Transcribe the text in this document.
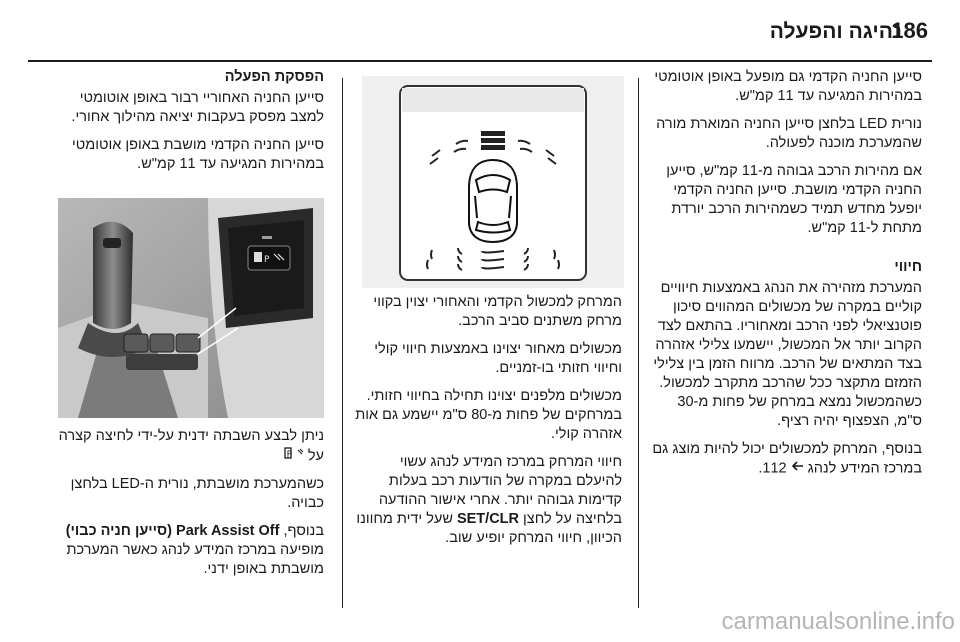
נהיגה והפעלה
186

סייען החניה הקדמי גם מופעל באופן אוטומטי במהירות המגיעה עד 11 קמ"ש.

נורית LED בלחצן סייען החניה המוארת מורה שהמערכת מוכנה לפעולה.

אם מהירות הרכב גבוהה מ-11 קמ"ש, סייען החניה הקדמי מושבת. סייען החניה הקדמי יופעל מחדש תמיד כשמהירות הרכב יורדת מתחת ל-11 קמ"ש.

חיווי

המערכת מזהירה את הנהג באמצעות חיוויים קוליים במקרה של מכשולים המהווים סיכון פוטנציאלי לפני הרכב ומאחוריו. בהתאם לצד הקרוב יותר אל המכשול, יישמעו צלילי אזהרה בצד המתאים של הרכב. מרווח הזמן בין צלילי הזמזם מתקצר ככל שהרכב מתקרב למכשול. כשהמכשול נמצא במרחק של פחות מ-30 ס"מ, הצפצוף יהיה רציף.

בנוסף, המרחק למכשולים יכול להיות מוצג גם במרכז המידע לנהג  112.

המרחק למכשול הקדמי והאחורי יצוין בקווי מרחק משתנים סביב הרכב.

מכשולים מאחור יצוינו באמצעות חיווי קולי וחיווי חזותי בו-זמניים.

מכשולים מלפנים יצוינו תחילה בחיווי חזותי. במרחקים של פחות מ-80 ס"מ יישמע גם אות אזהרה קולי.

חיווי המרחק במרכז המידע לנהג עשוי להיעלם במקרה של הודעות רכב בעלות קדימות גבוהה יותר. אחרי אישור ההודעה בלחיצה על לחצן SET/CLR שעל ידית מחוונו הכיוון, חיווי המרחק יופיע שוב.

הפסקת הפעלה

סייען החניה האחוריי רבור באופן אוטומטי למצב מפסק בעקבות יציאה מהילוך אחורי.

סייען החניה הקדמי מושבת באופן אוטומטי במהירות המגיעה עד 11 קמ"ש.

P

ניתן לבצע השבתה ידנית על-ידי לחיצה קצרה על
P

כשהמערכת מושבתת, נורית ה-LED בלחצן כבויה.

בנוסף, Park Assist Off (סייען חניה כבוי) מופיעה במרכז המידע לנהג כאשר המערכת מושבתת באופן ידני.

carmanualsonline.info
